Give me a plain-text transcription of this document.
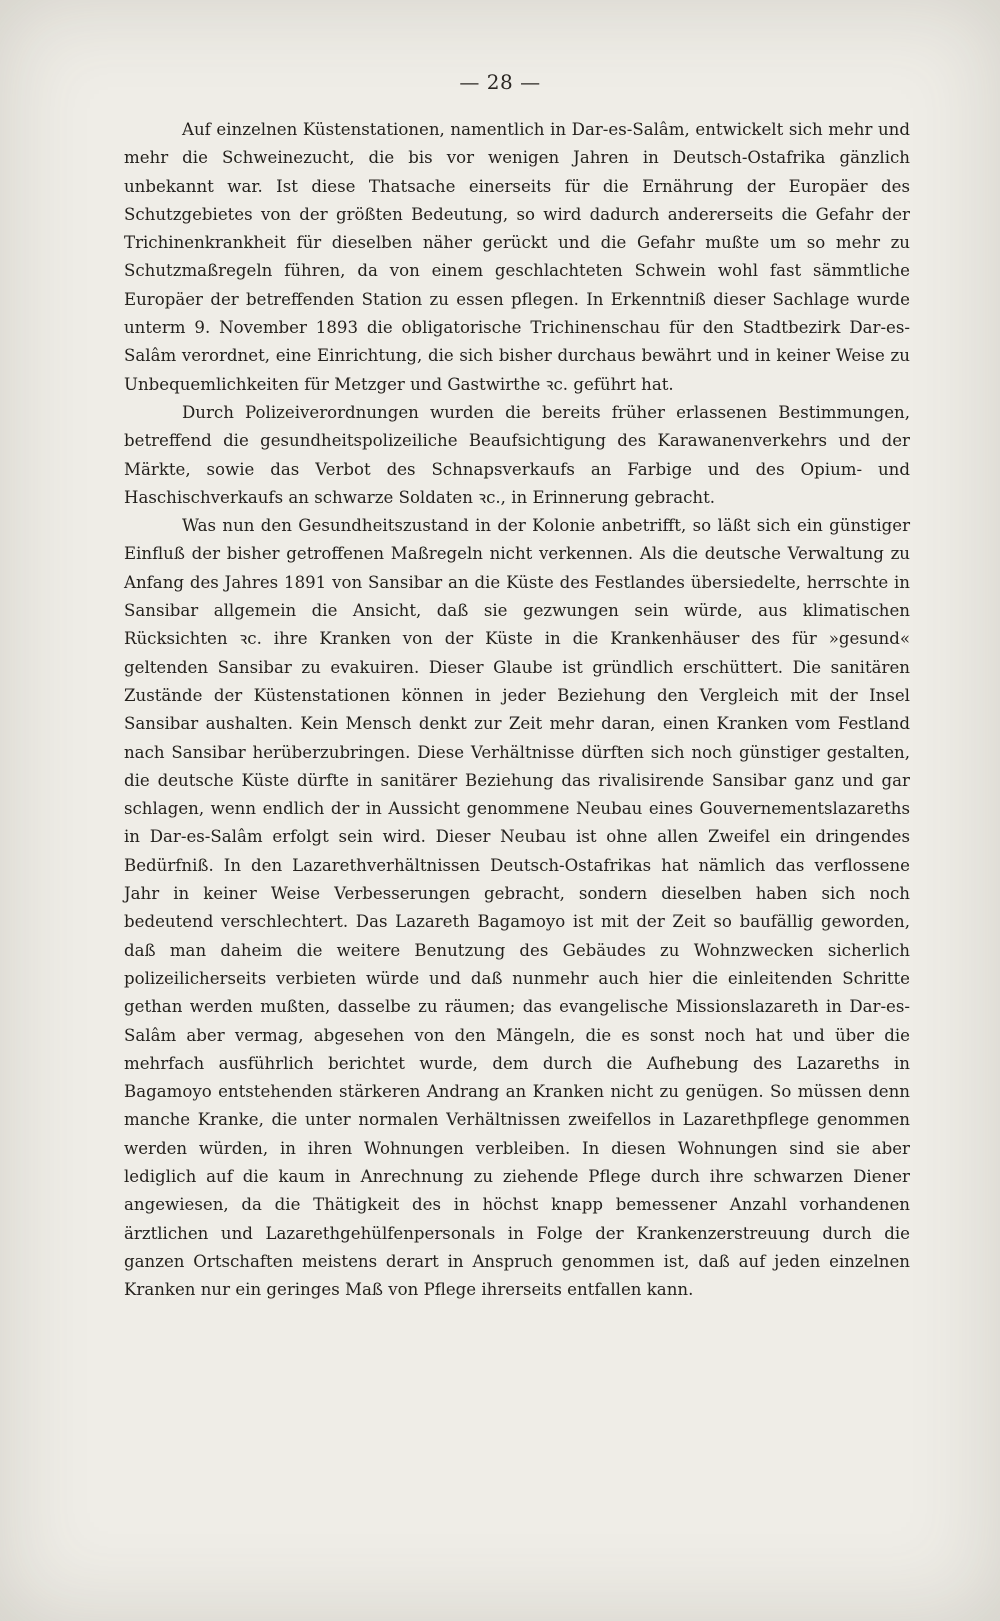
— 28 —

Auf einzelnen Küstenstationen, namentlich in Dar-es-Salâm, entwickelt sich mehr und mehr die Schweinezucht, die bis vor wenigen Jahren in Deutsch-Ostafrika gänzlich unbekannt war. Ist diese Thatsache einerseits für die Ernährung der Europäer des Schutzgebietes von der größten Bedeutung, so wird dadurch andererseits die Gefahr der Trichinenkrankheit für dieselben näher gerückt und die Gefahr mußte um so mehr zu Schutzmaßregeln führen, da von einem geschlachteten Schwein wohl fast sämmtliche Europäer der betreffenden Station zu essen pflegen. In Erkenntniß dieser Sachlage wurde unterm 9. November 1893 die obligatorische Trichinenschau für den Stadtbezirk Dar-es-Salâm verordnet, eine Einrichtung, die sich bisher durchaus bewährt und in keiner Weise zu Unbequemlichkeiten für Metzger und Gastwirthe ꝛc. geführt hat.

Durch Polizeiverordnungen wurden die bereits früher erlassenen Bestimmungen, betreffend die gesundheitspolizeiliche Beaufsichtigung des Karawanenverkehrs und der Märkte, sowie das Verbot des Schnapsverkaufs an Farbige und des Opium- und Haschischverkaufs an schwarze Soldaten ꝛc., in Erinnerung gebracht.

Was nun den Gesundheitszustand in der Kolonie anbetrifft, so läßt sich ein günstiger Einfluß der bisher getroffenen Maßregeln nicht verkennen. Als die deutsche Verwaltung zu Anfang des Jahres 1891 von Sansibar an die Küste des Festlandes übersiedelte, herrschte in Sansibar allgemein die Ansicht, daß sie gezwungen sein würde, aus klimatischen Rücksichten ꝛc. ihre Kranken von der Küste in die Krankenhäuser des für »gesund« geltenden Sansibar zu evakuiren. Dieser Glaube ist gründlich erschüttert. Die sanitären Zustände der Küstenstationen können in jeder Beziehung den Vergleich mit der Insel Sansibar aushalten. Kein Mensch denkt zur Zeit mehr daran, einen Kranken vom Festland nach Sansibar herüberzubringen. Diese Verhältnisse dürften sich noch günstiger gestalten, die deutsche Küste dürfte in sanitärer Beziehung das rivalisirende Sansibar ganz und gar schlagen, wenn endlich der in Aussicht genommene Neubau eines Gouvernementslazareths in Dar-es-Salâm erfolgt sein wird. Dieser Neubau ist ohne allen Zweifel ein dringendes Bedürfniß. In den Lazarethverhältnissen Deutsch-Ostafrikas hat nämlich das verflossene Jahr in keiner Weise Verbesserungen gebracht, sondern dieselben haben sich noch bedeutend verschlechtert. Das Lazareth Bagamoyo ist mit der Zeit so baufällig geworden, daß man daheim die weitere Benutzung des Gebäudes zu Wohnzwecken sicherlich polizeilicherseits verbieten würde und daß nunmehr auch hier die einleitenden Schritte gethan werden mußten, dasselbe zu räumen; das evangelische Missionslazareth in Dar-es-Salâm aber vermag, abgesehen von den Mängeln, die es sonst noch hat und über die mehrfach ausführlich berichtet wurde, dem durch die Aufhebung des Lazareths in Bagamoyo entstehenden stärkeren Andrang an Kranken nicht zu genügen. So müssen denn manche Kranke, die unter normalen Verhältnissen zweifellos in Lazarethpflege genommen werden würden, in ihren Wohnungen verbleiben. In diesen Wohnungen sind sie aber lediglich auf die kaum in Anrechnung zu ziehende Pflege durch ihre schwarzen Diener angewiesen, da die Thätigkeit des in höchst knapp bemessener Anzahl vorhandenen ärztlichen und Lazarethgehülfenpersonals in Folge der Krankenzerstreuung durch die ganzen Ortschaften meistens derart in Anspruch genommen ist, daß auf jeden einzelnen Kranken nur ein geringes Maß von Pflege ihrerseits entfallen kann.
